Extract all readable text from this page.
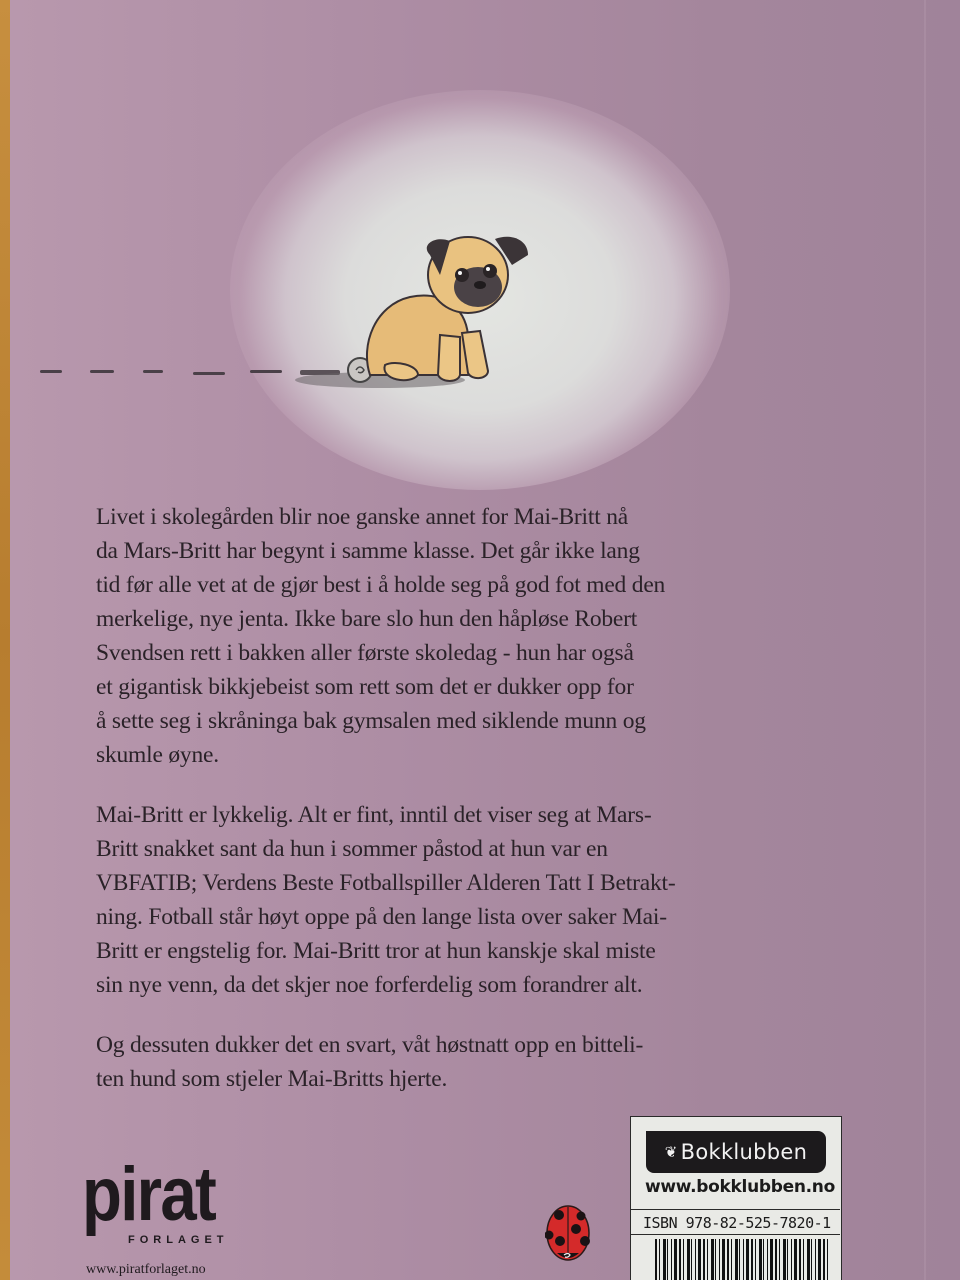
Livet i skolegården blir noe ganske annet for Mai-Britt nå
da Mars-Britt har begynt i samme klasse. Det går ikke lang
tid før alle vet at de gjør best i å holde seg på god fot med den
merkelige, nye jenta. Ikke bare slo hun den håpløse Robert
Svendsen rett i bakken aller første skoledag - hun har også
et gigantisk bikkjebeist som rett som det er dukker opp for
å sette seg i skråninga bak gymsalen med siklende munn og
skumle øyne.

Mai-Britt er lykkelig. Alt er fint, inntil det viser seg at Mars-
Britt snakket sant da hun i sommer påstod at hun var en
VBFATIB; Verdens Beste Fotballspiller Alderen Tatt I Betrakt-
ning. Fotball står høyt oppe på den lange lista over saker Mai-
Britt er engstelig for. Mai-Britt tror at hun kanskje skal miste
sin nye venn, da det skjer noe forferdelig som forandrer alt.

Og dessuten dukker det en svart, våt høstnatt opp en bitteli-
ten hund som stjeler Mai-Britts hjerte.

pirat
FORLAGET
www.piratforlaget.no
❦ Bokklubben
www.bokklubben.no
ISBN 978-82-525-7820-1
